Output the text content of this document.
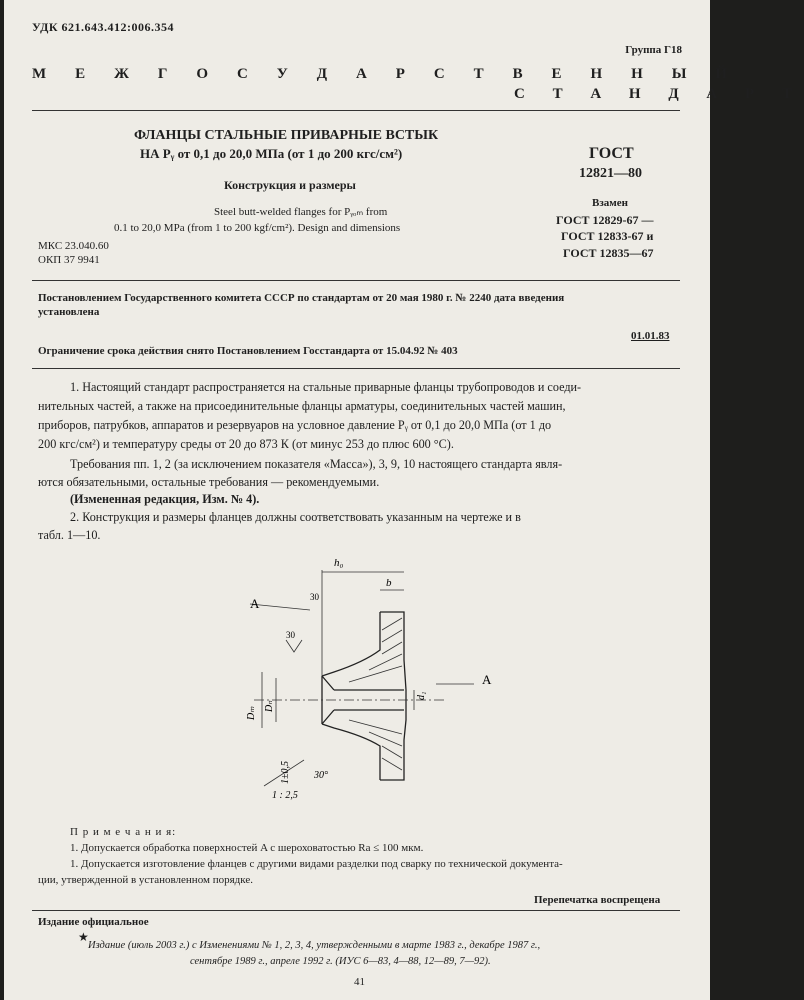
УДК 621.643.412:006.354
Группа Г18
М Е Ж Г О С У Д А Р С Т В Е Н Н Ы Й
С Т А Н Д А Р Т
ФЛАНЦЫ СТАЛЬНЫЕ ПРИВАРНЫЕ ВСТЫК
НА Pᵧ от 0,1 до 20,0 МПа (от 1 до 200 кгс/см²)
Конструкция и размеры
Steel butt-welded flanges for Pᵧₒₘ from
0.1 to 20,0 MPa (from 1 to 200 kgf/cm²). Design and dimensions
ГОСТ
12821—80
Взамен
ГОСТ 12829-67 —
ГОСТ 12833-67 и
ГОСТ 12835—67
МКС 23.040.60
ОКП 37 9941
Постановлением Государственного комитета СССР по стандартам от 20 мая 1980 г. № 2240 дата введения
установлена
01.01.83
Ограничение срока действия снято Постановлением Госстандарта от 15.04.92 № 403
1. Настоящий стандарт распространяется на стальные приварные фланцы трубопроводов и соеди-
нительных частей, а также на присоединительные фланцы арматуры, соединительных частей машин,
приборов, патрубков, аппаратов и резервуаров на условное давление Pᵧ от 0,1 до 20,0 МПа (от 1 до
200 кгс/см²) и температуру среды от 20 до 873 К (от минус 253 до плюс 600 °С).
Требования пп. 1, 2 (за исключением показателя «Масса»), 3, 9, 10 настоящего стандарта явля-
ются обязательными, остальные требования — рекомендуемыми.
(Измененная редакция, Изм. № 4).
2. Конструкция и размеры фланцев должны соответствовать указанным на чертеже и в
табл. 1—10.
h₀
b
A
A
30
30
30°
Dₘ
Dₙ
d₁
1±0,5
1 : 2,5
П р и м е ч а н и я:
1. Допускается обработка поверхностей A с шероховатостью Ra ≤ 100 мкм.
1. Допускается изготовление фланцев с другими видами разделки под сварку по технической документа-
ции, утвержденной в установленном порядке.
Перепечатка воспрещена
Издание официальное
★
Издание (июль 2003 г.) с Изменениями № 1, 2, 3, 4, утвержденными в марте 1983 г., декабре 1987 г.,
сентябре 1989 г., апреле 1992 г. (ИУС 6—83, 4—88, 12—89, 7—92).
41
